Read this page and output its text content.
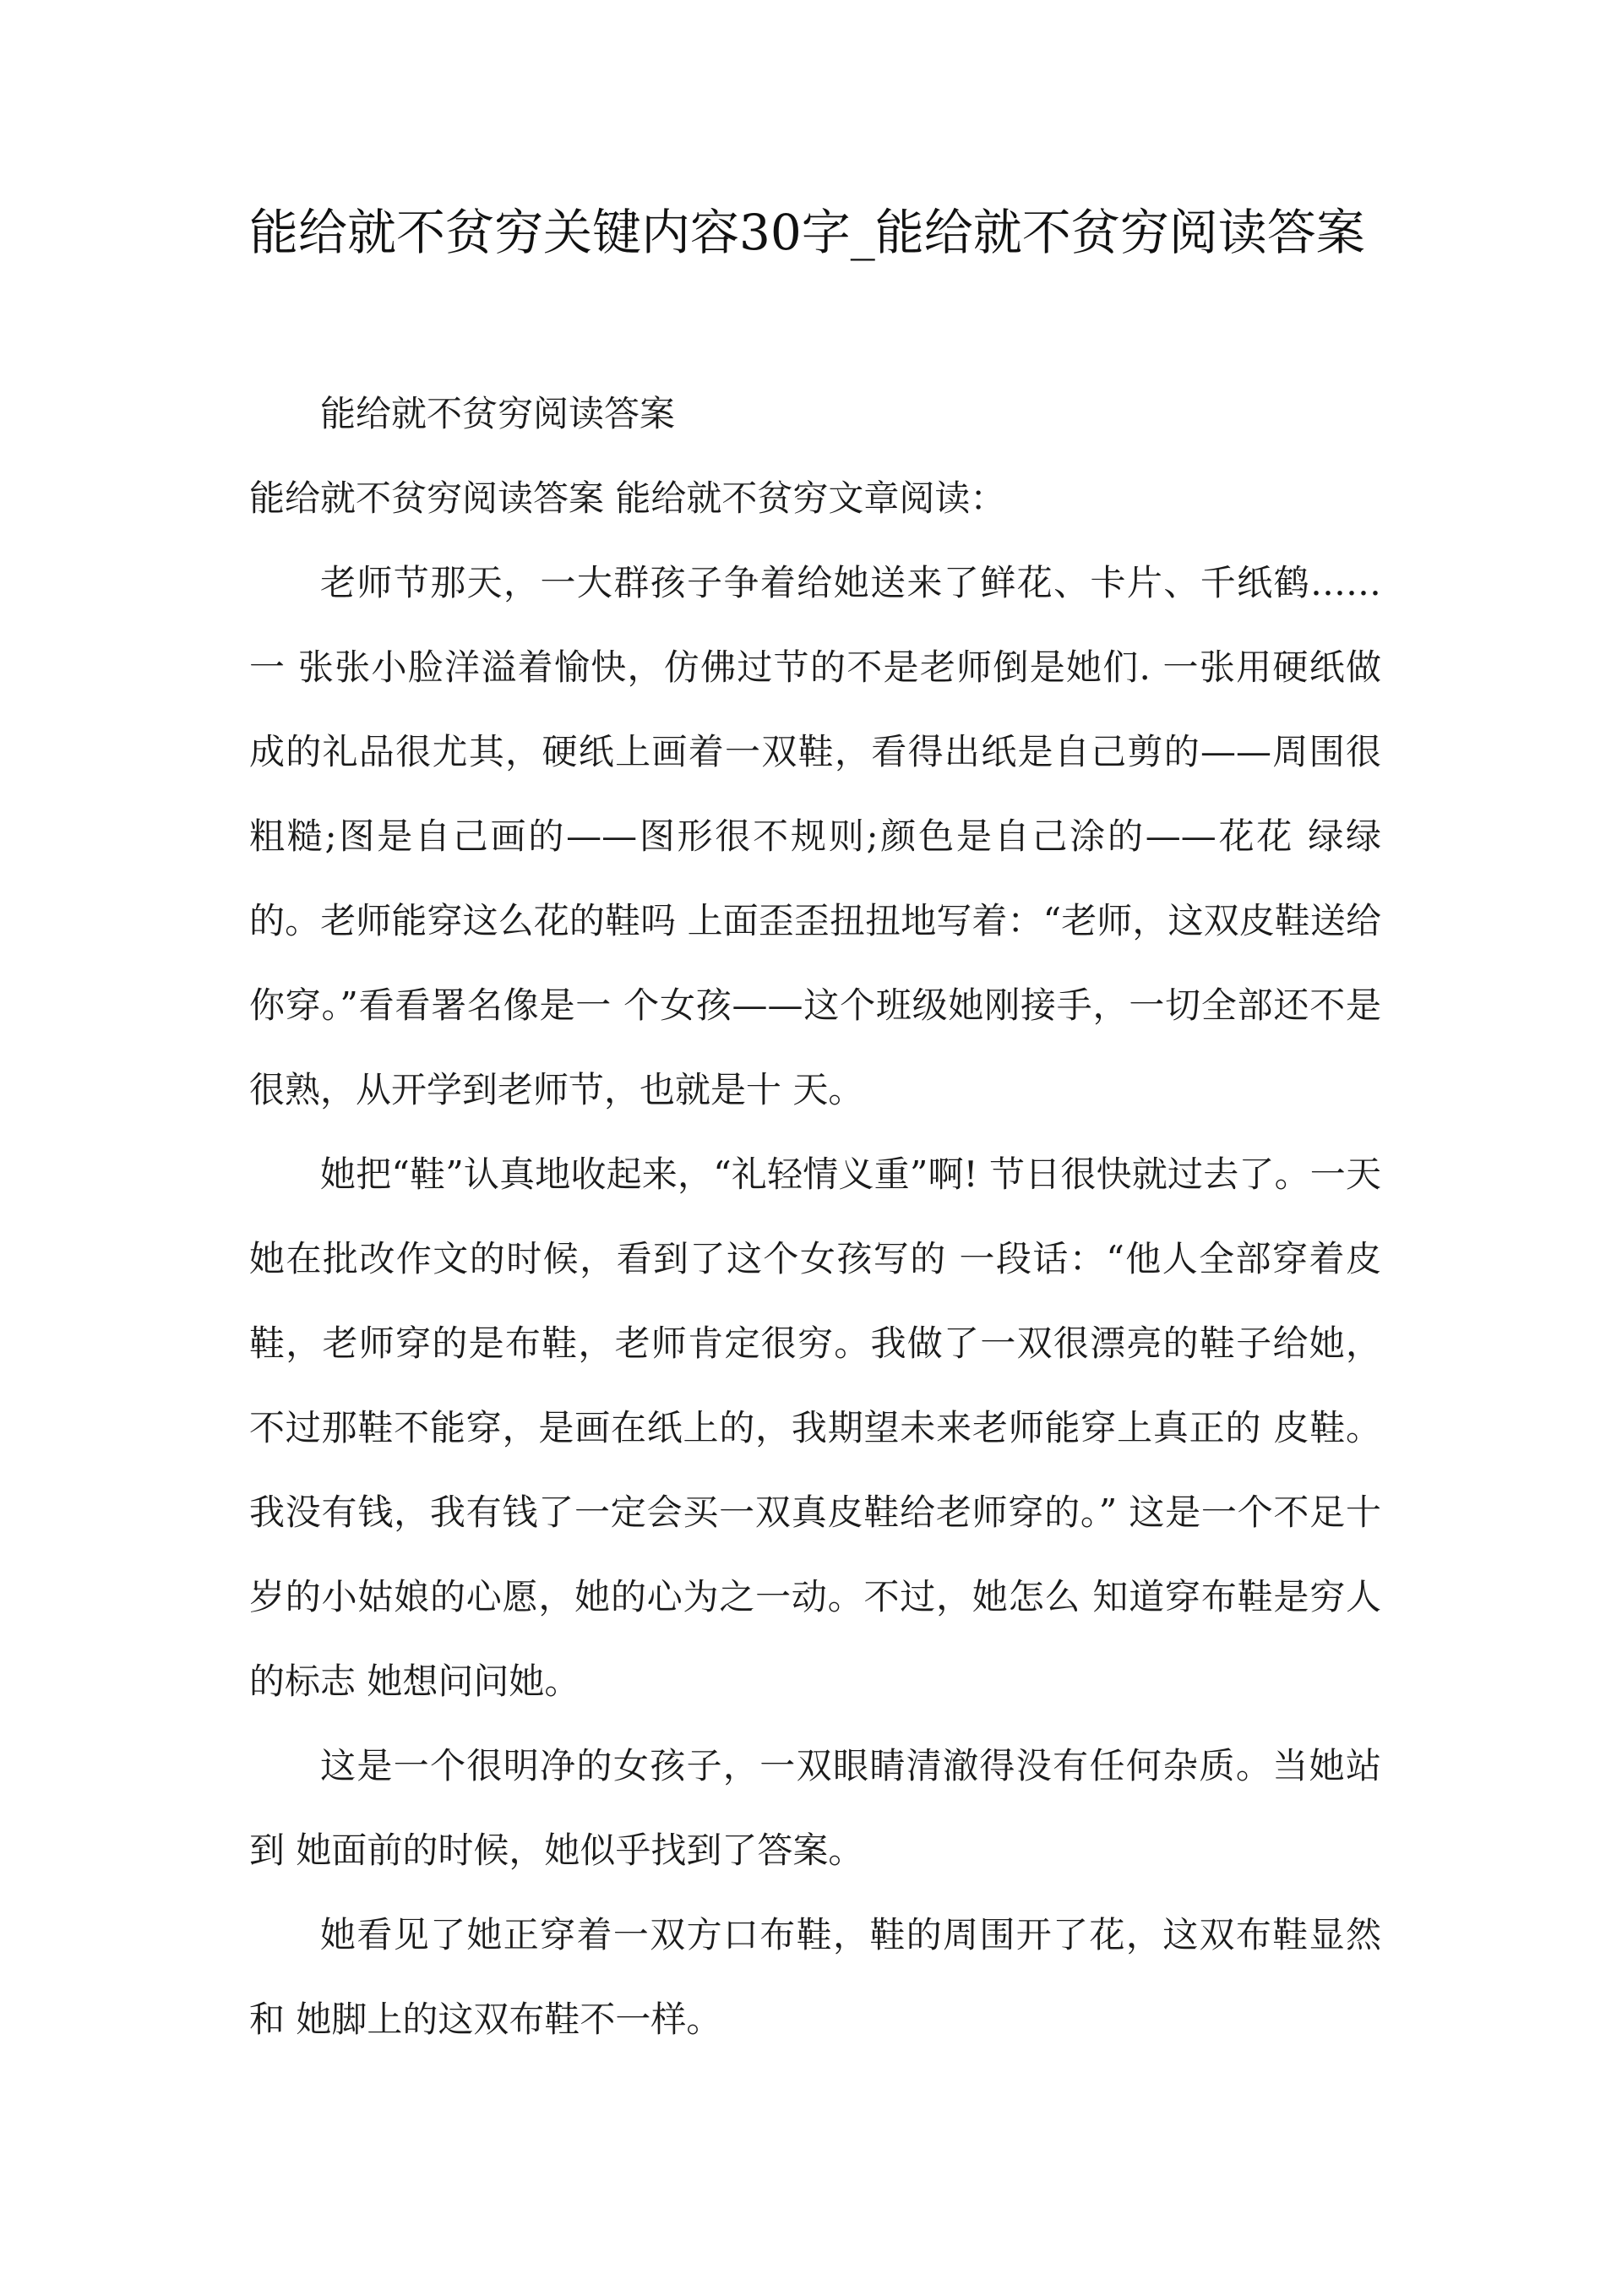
能给就不贫穷关键内容30字_能给就不贫穷阅读答案

能给就不贫穷阅读答案

能给就不贫穷阅读答案 能给就不贫穷文章阅读：

老师节那天，一大群孩子争着给她送来了鲜花、卡片、千纸鹤……一 张张小脸洋溢着愉快，仿佛过节的不是老师倒是她们. 一张用硬纸做成的礼品很尤其，硬纸上画着一双鞋，看得出纸是自己剪的——周围很粗糙;图是自己画的——图形很不规则;颜色是自己涂的——花花 绿绿的。老师能穿这么花的鞋吗 上面歪歪扭扭地写着：“老师，这双皮鞋送给你穿。”看看署名像是一 个女孩——这个班级她刚接手，一切全部还不是很熟，从开学到老师节，也就是十 天。

她把“鞋”认真地收起来，“礼轻情义重”啊! 节日很快就过去了。一天她在批改作文的时候，看到了这个女孩写的 一段话：“他人全部穿着皮鞋，老师穿的是布鞋，老师肯定很穷。我做了一双很漂亮的鞋子给她，不过那鞋不能穿，是画在纸上的，我期望未来老师能穿上真正的 皮鞋。我没有钱，我有钱了一定会买一双真皮鞋给老师穿的。” 这是一个不足十岁的小姑娘的心愿，她的心为之一动。不过，她怎么 知道穿布鞋是穷人的标志 她想问问她。

这是一个很明净的女孩子，一双眼睛清澈得没有任何杂质。当她站到 她面前的时候，她似乎找到了答案。

她看见了她正穿着一双方口布鞋，鞋的周围开了花，这双布鞋显然和 她脚上的这双布鞋不一样。
